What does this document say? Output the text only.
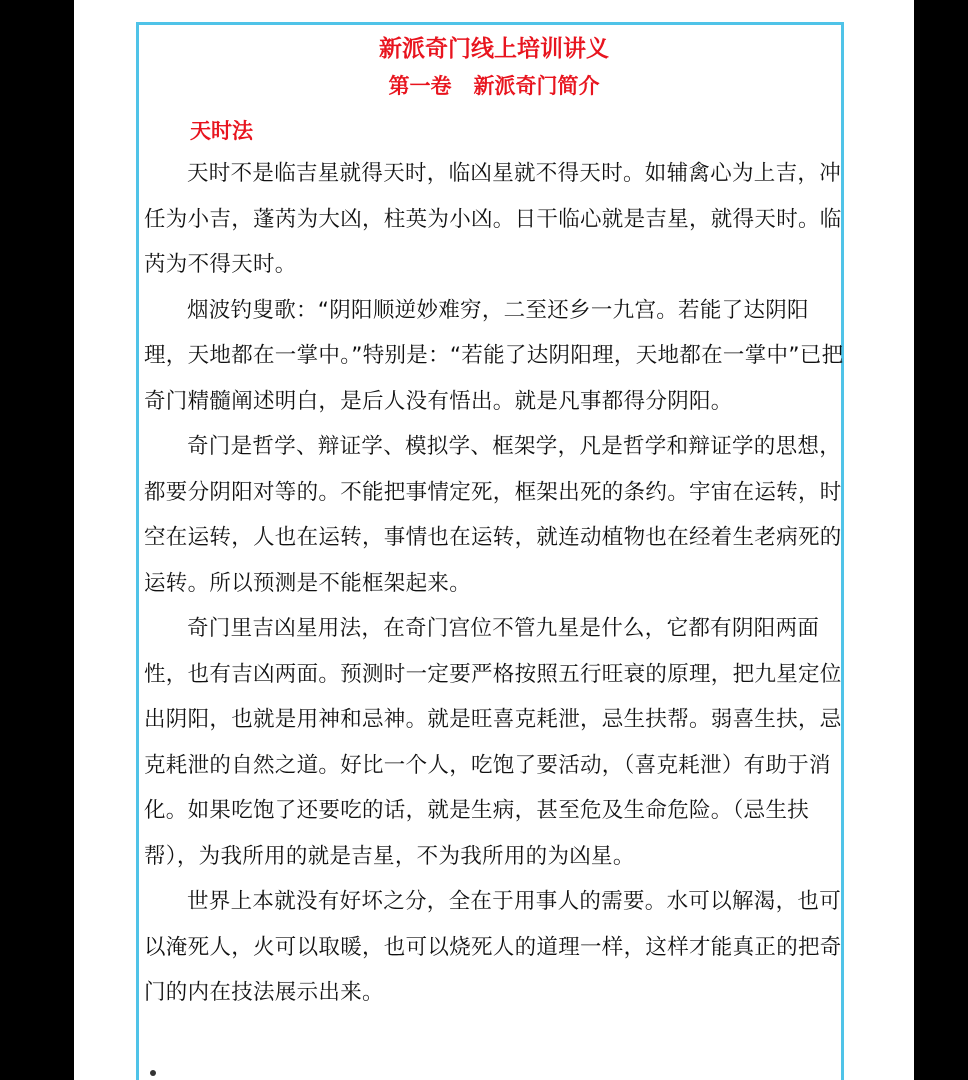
新派奇门线上培训讲义
第一卷 新派奇门简介
天时法

天时不是临吉星就得天时，临凶星就不得天时。如辅禽心为上吉，冲任为小吉，蓬芮为大凶，柱英为小凶。日干临心就是吉星，就得天时。临芮为不得天时。

烟波钓叟歌：“阴阳顺逆妙难穷，二至还乡一九宫。若能了达阴阳理，天地都在一掌中。”特别是：“若能了达阴阳理，天地都在一掌中”已把奇门精髓阐述明白，是后人没有悟出。就是凡事都得分阴阳。

奇门是哲学、辩证学、模拟学、框架学，凡是哲学和辩证学的思想，都要分阴阳对等的。不能把事情定死，框架出死的条约。宇宙在运转，时空在运转，人也在运转，事情也在运转，就连动植物也在经着生老病死的运转。所以预测是不能框架起来。

奇门里吉凶星用法，在奇门宫位不管九星是什么，它都有阴阳两面性，也有吉凶两面。预测时一定要严格按照五行旺衰的原理，把九星定位出阴阳，也就是用神和忌神。就是旺喜克耗泄，忌生扶帮。弱喜生扶，忌克耗泄的自然之道。好比一个人，吃饱了要活动，（喜克耗泄）有助于消化。如果吃饱了还要吃的话，就是生病，甚至危及生命危险。（忌生扶帮），为我所用的就是吉星，不为我所用的为凶星。

世界上本就没有好坏之分，全在于用事人的需要。水可以解渴，也可以淹死人，火可以取暖，也可以烧死人的道理一样，这样才能真正的把奇门的内在技法展示出来。
